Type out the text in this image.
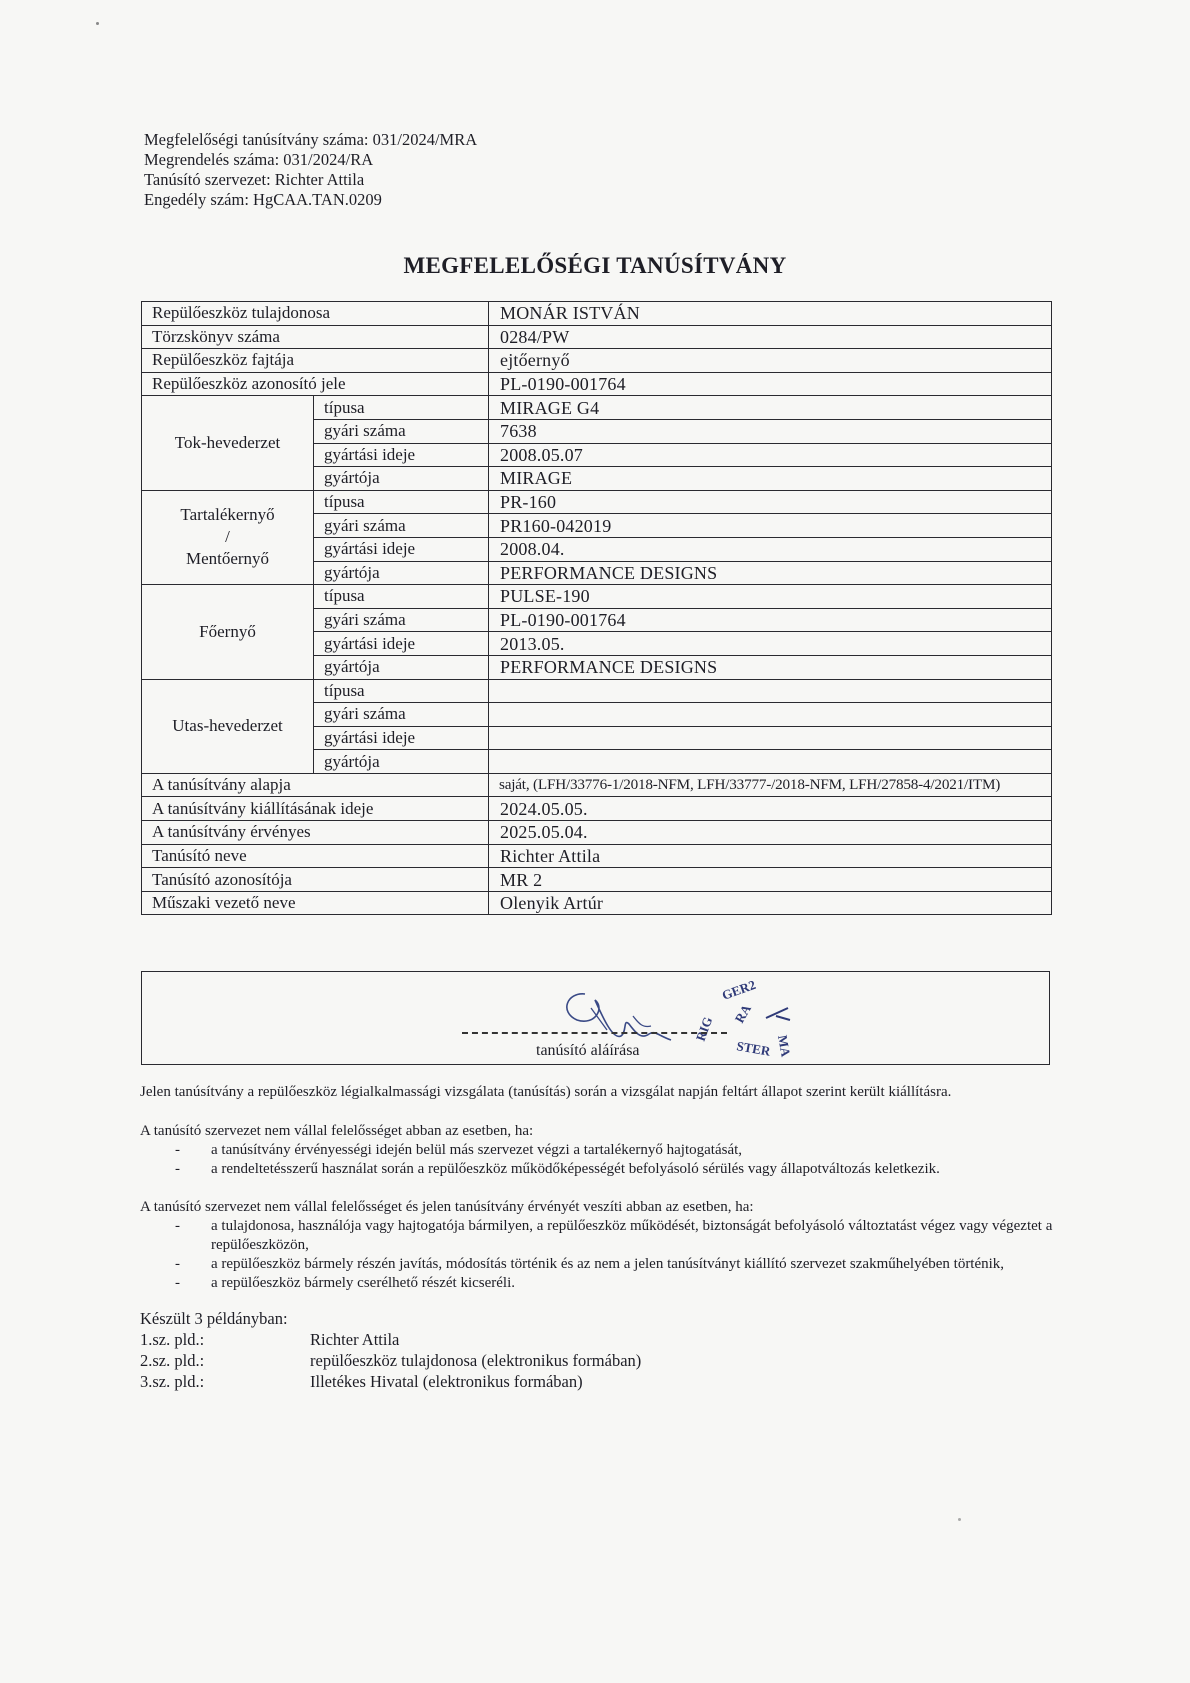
Megfelelőségi tanúsítvány száma: 031/2024/MRA
Megrendelés száma: 031/2024/RA
Tanúsító szervezet: Richter Attila
Engedély szám: HgCAA.TAN.0209
MEGFELELŐSÉGI TANÚSÍTVÁNY
Repülőeszköz tulajdonosa		MONÁR ISTVÁN
Törzskönyv száma		0284/PW
Repülőeszköz fajtája		ejtőernyő
Repülőeszköz azonosító jele		PL-0190-001764
Tok-hevederzet	típusa	MIRAGE G4
	gyári száma	7638
	gyártási ideje	2008.05.07
	gyártója	MIRAGE

Tartalékernyő
/
Mentőernyő	típusa	PR-160
	gyári száma	PR160-042019
	gyártási ideje	2008.04.
	gyártója	PERFORMANCE DESIGNS
Főernyő	típusa	PULSE-190
	gyári száma	PL-0190-001764
	gyártási ideje	2013.05.
	gyártója	PERFORMANCE DESIGNS
Utas-hevederzet	típusa	
	gyári száma	
	gyártási ideje	
	gyártója	
A tanúsítvány alapja		saját, (LFH/33776-1/2018-NFM, LFH/33777-/2018-NFM, LFH/27858-4/2021/ITM)
A tanúsítvány kiállításának ideje		2024.05.05.
A tanúsítvány érvényes		2025.05.04.
Tanúsító neve		Richter Attila
Tanúsító azonosítója		MR 2
Műszaki vezető neve		Olenyik Artúr
GER2
RIG
RA
STER MA
tanúsító aláírása
Jelen tanúsítvány a repülőeszköz légialkalmassági vizsgálata (tanúsítás) során a vizsgálat napján feltárt állapot szerint került kiállításra.
A tanúsító szervezet nem vállal felelősséget abban az esetben, ha:
- a tanúsítvány érvényességi idején belül más szervezet végzi a tartalékernyő hajtogatását,
- a rendeltetésszerű használat során a repülőeszköz működőképességét befolyásoló sérülés vagy állapotváltozás keletkezik.
A tanúsító szervezet nem vállal felelősséget és jelen tanúsítvány érvényét veszíti abban az esetben, ha:
- a tulajdonosa, használója vagy hajtogatója bármilyen, a repülőeszköz működését, biztonságát befolyásoló változtatást végez vagy végeztet a repülőeszközön,
- a repülőeszköz bármely részén javítás, módosítás történik és az nem a jelen tanúsítványt kiállító szervezet szakműhelyében történik,
- a repülőeszköz bármely cserélhető részét kicseréli.
Készült 3 példányban:
1.sz. pld.:	Richter Attila
2.sz. pld.:	repülőeszköz tulajdonosa (elektronikus formában)
3.sz. pld.:	Illetékes Hivatal (elektronikus formában)
